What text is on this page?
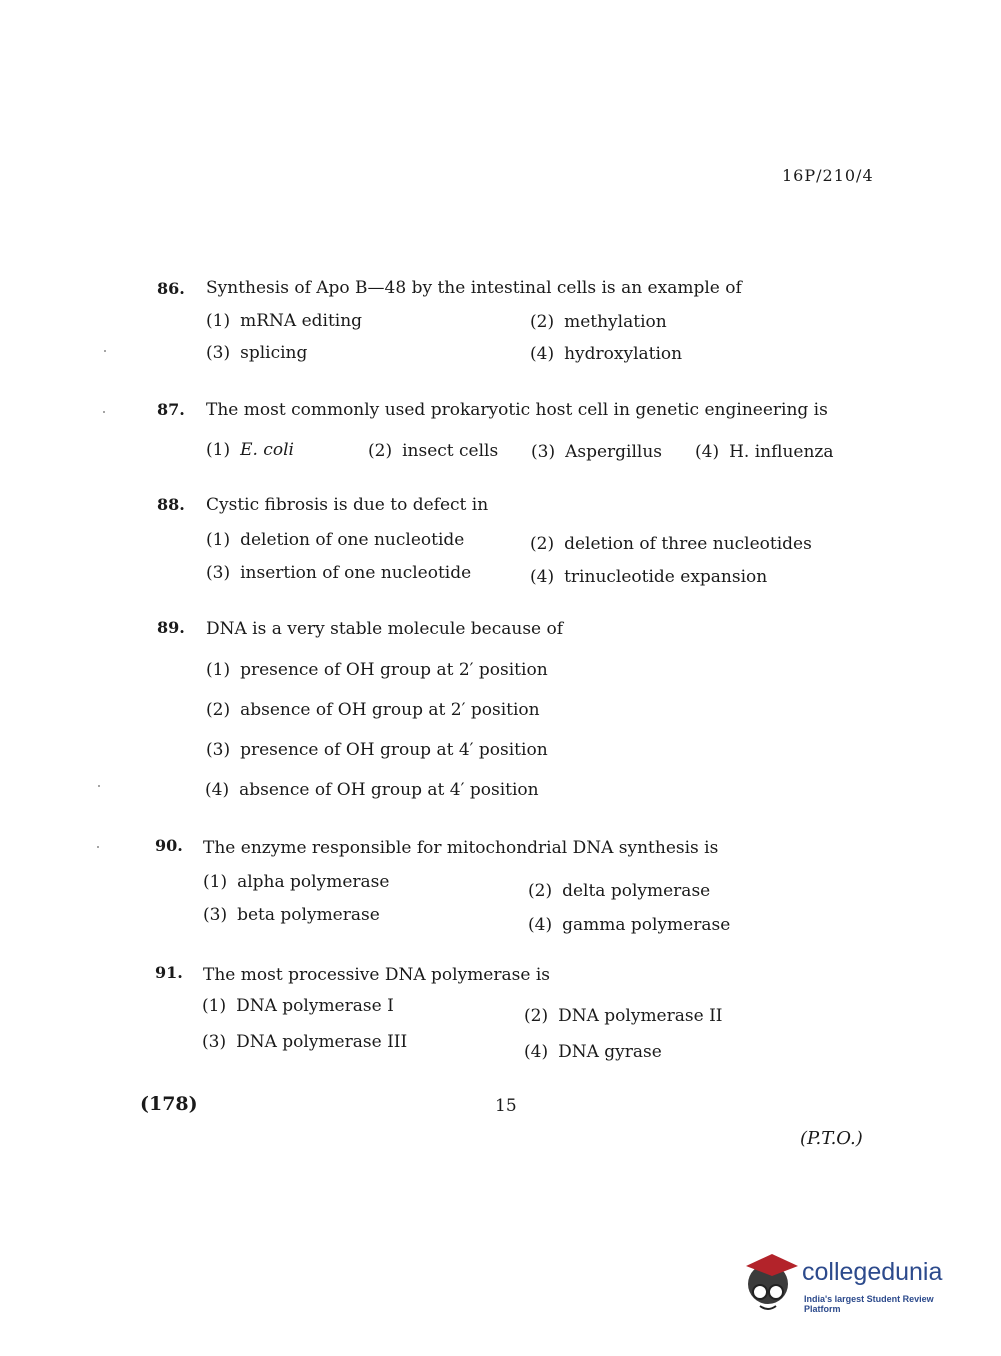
16P/210/4
86. Synthesis of Apo B—48 by the intestinal cells is an example of
(1) mRNA editing	(2) methylation
(3) splicing	(4) hydroxylation
87. The most commonly used prokaryotic host cell in genetic engineering is
(1) E. coli	(2) insect cells (3) Aspergillus (4) H. influenza
88. Cystic fibrosis is due to defect in
(1) deletion of one nucleotide	(2) deletion of three nucleotides
(3) insertion of one nucleotide	(4) trinucleotide expansion
89. DNA is a very stable molecule because of
(1) presence of OH group at 2′ position
(2) absence of OH group at 2′ position
(3) presence of OH group at 4′ position
(4) absence of OH group at 4′ position
90. The enzyme responsible for mitochondrial DNA synthesis is
(1) alpha polymerase	(2) delta polymerase
(3) beta polymerase	(4) gamma polymerase
91. The most processive DNA polymerase is
(1) DNA polymerase I	(2) DNA polymerase II
(3) DNA polymerase III	(4) DNA gyrase
(178)	15
(P.T.O.)
collegedunia
India's largest Student Review Platform
